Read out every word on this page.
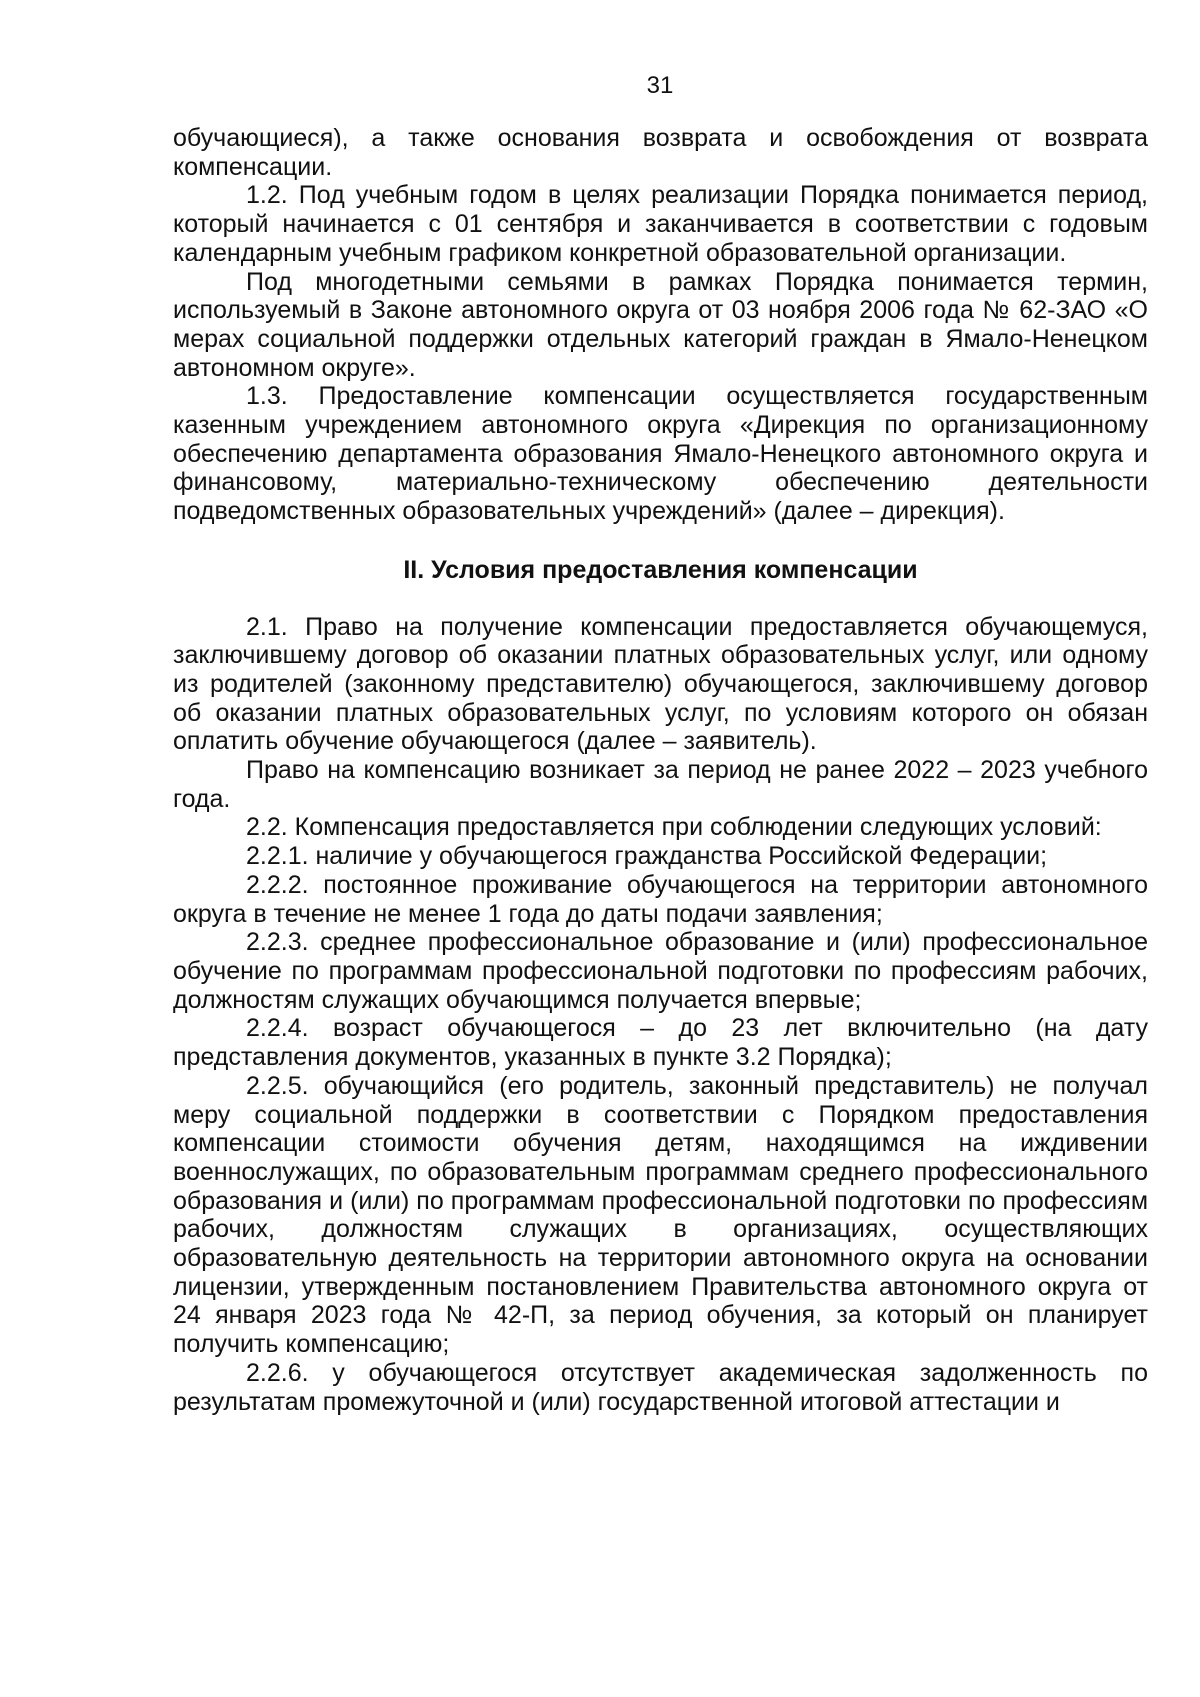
31

обучающиеся), а также основания возврата и освобождения от возврата компенсации.

1.2. Под учебным годом в целях реализации Порядка понимается период, который начинается с 01 сентября и заканчивается в соответствии с годовым календарным учебным графиком конкретной образовательной организации.

Под многодетными семьями в рамках Порядка понимается термин, используемый в Законе автономного округа от 03 ноября 2006 года № 62-ЗАО «О мерах социальной поддержки отдельных категорий граждан в Ямало-Ненецком автономном округе».

1.3. Предоставление компенсации осуществляется государственным казенным учреждением автономного округа «Дирекция по организационному обеспечению департамента образования Ямало-Ненецкого автономного округа и финансовому, материально-техническому обеспечению деятельности подведомственных образовательных учреждений» (далее – дирекция).

II. Условия предоставления компенсации

2.1. Право на получение компенсации предоставляется обучающемуся, заключившему договор об оказании платных образовательных услуг, или одному из родителей (законному представителю) обучающегося, заключившему договор об оказании платных образовательных услуг, по условиям которого он обязан оплатить обучение обучающегося (далее – заявитель).

Право на компенсацию возникает за период не ранее 2022 – 2023 учебного года.

2.2. Компенсация предоставляется при соблюдении следующих условий:

2.2.1. наличие у обучающегося гражданства Российской Федерации;

2.2.2. постоянное проживание обучающегося на территории автономного округа в течение не менее 1 года до даты подачи заявления;

2.2.3. среднее профессиональное образование и (или) профессиональное обучение по программам профессиональной подготовки по профессиям рабочих, должностям служащих обучающимся получается впервые;

2.2.4. возраст обучающегося – до 23 лет включительно (на дату представления документов, указанных в пункте 3.2 Порядка);

2.2.5. обучающийся (его родитель, законный представитель) не получал меру социальной поддержки в соответствии с Порядком предоставления компенсации стоимости обучения детям, находящимся на иждивении военнослужащих, по образовательным программам среднего профессионального образования и (или) по программам профессиональной подготовки по профессиям рабочих, должностям служащих в организациях, осуществляющих образовательную деятельность на территории автономного округа на основании лицензии, утвержденным постановлением Правительства автономного округа от 24 января 2023 года № 42-П, за период обучения, за который он планирует получить компенсацию;

2.2.6. у обучающегося отсутствует академическая задолженность по результатам промежуточной и (или) государственной итоговой аттестации и
